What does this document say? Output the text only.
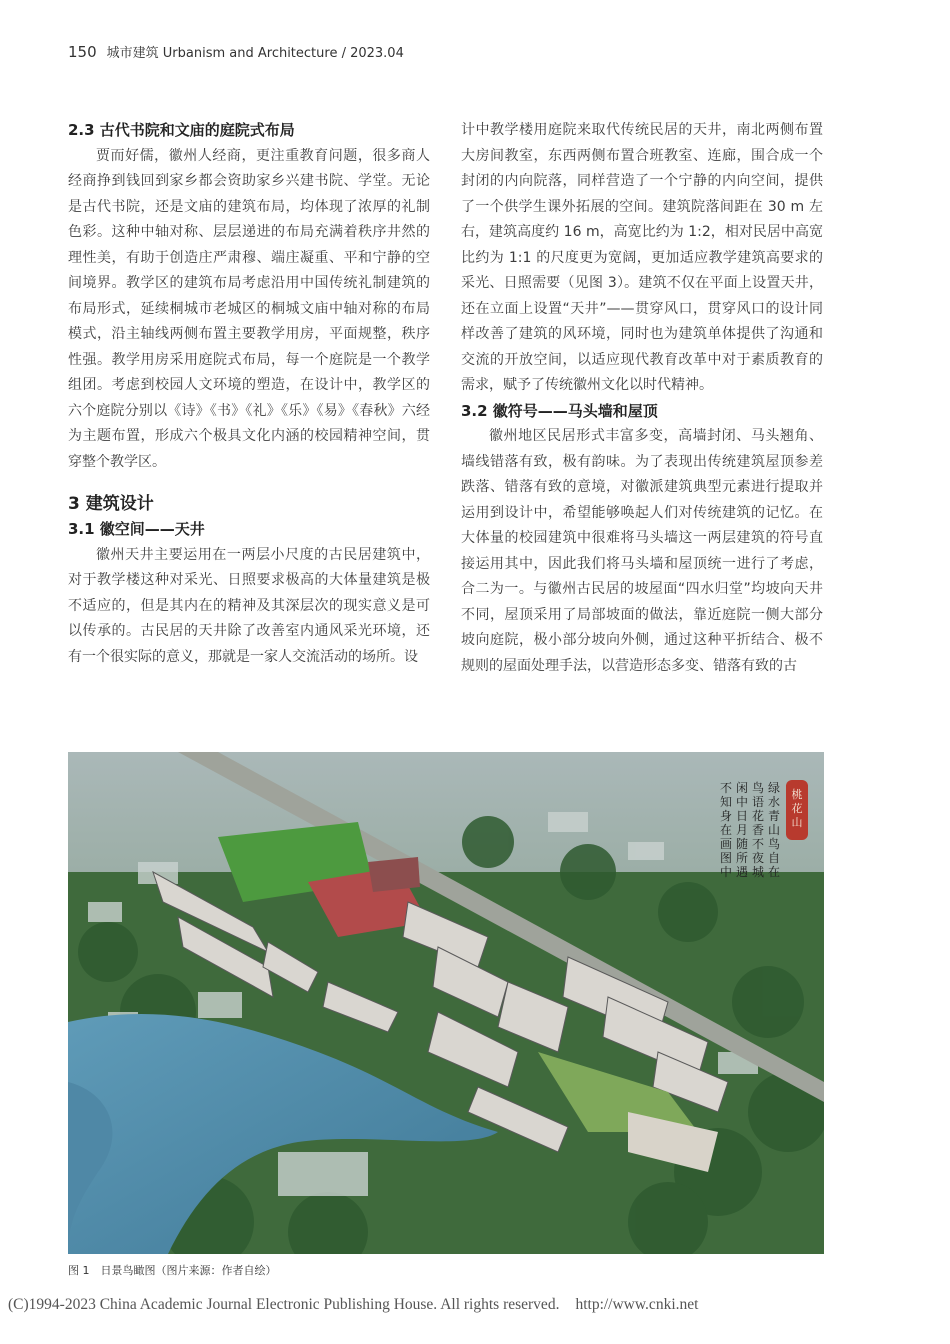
150 城市建筑 Urbanism and Architecture / 2023.04
2.3 古代书院和文庙的庭院式布局

贾而好儒，徽州人经商，更注重教育问题，很多商人经商挣到钱回到家乡都会资助家乡兴建书院、学堂。无论是古代书院，还是文庙的建筑布局，均体现了浓厚的礼制色彩。这种中轴对称、层层递进的布局充满着秩序井然的理性美，有助于创造庄严肃穆、端庄凝重、平和宁静的空间境界。教学区的建筑布局考虑沿用中国传统礼制建筑的布局形式，延续桐城市老城区的桐城文庙中轴对称的布局模式，沿主轴线两侧布置主要教学用房，平面规整，秩序性强。教学用房采用庭院式布局，每一个庭院是一个教学组团。考虑到校园人文环境的塑造，在设计中，教学区的六个庭院分别以《诗》《书》《礼》《乐》《易》《春秋》六经为主题布置，形成六个极具文化内涵的校园精神空间，贯穿整个教学区。

3 建筑设计
3.1 徽空间——天井

徽州天井主要运用在一两层小尺度的古民居建筑中，对于教学楼这种对采光、日照要求极高的大体量建筑是极不适应的，但是其内在的精神及其深层次的现实意义是可以传承的。古民居的天井除了改善室内通风采光环境，还有一个很实际的意义，那就是一家人交流活动的场所。设

计中教学楼用庭院来取代传统民居的天井，南北两侧布置大房间教室，东西两侧布置合班教室、连廊，围合成一个封闭的内向院落，同样营造了一个宁静的内向空间，提供了一个供学生课外拓展的空间。建筑院落间距在 30 m 左右，建筑高度约 16 m，高宽比约为 1:2，相对民居中高宽比约为 1:1 的尺度更为宽阔，更加适应教学建筑高要求的采光、日照需要（见图 3）。建筑不仅在平面上设置天井，还在立面上设置“天井”——贯穿风口，贯穿风口的设计同样改善了建筑的风环境，同时也为建筑单体提供了沟通和交流的开放空间，以适应现代教育改革中对于素质教育的需求，赋予了传统徽州文化以时代精神。

3.2 徽符号——马头墙和屋顶

徽州地区民居形式丰富多变，高墙封闭、马头翘角、墙线错落有致，极有韵味。为了表现出传统建筑屋顶参差跌落、错落有致的意境，对徽派建筑典型元素进行提取并运用到设计中，希望能够唤起人们对传统建筑的记忆。在大体量的校园建筑中很难将马头墙这一两层建筑的符号直接运用其中，因此我们将马头墙和屋顶统一进行了考虑，合二为一。与徽州古民居的坡屋面“四水归堂”均坡向天井不同，屋顶采用了局部坡面的做法，靠近庭院一侧大部分坡向庭院，极小部分坡向外侧，通过这种平折结合、极不规则的屋面处理手法，以营造形态多变、错落有致的古

桃花山
绿水青山鸟自在
鸟语花香不夜城
闲中日月随所遇
不知身在画图中
图 1　日景鸟瞰图（图片来源：作者自绘）
(C)1994-2023 China Academic Journal Electronic Publishing House. All rights reserved. http://www.cnki.net
